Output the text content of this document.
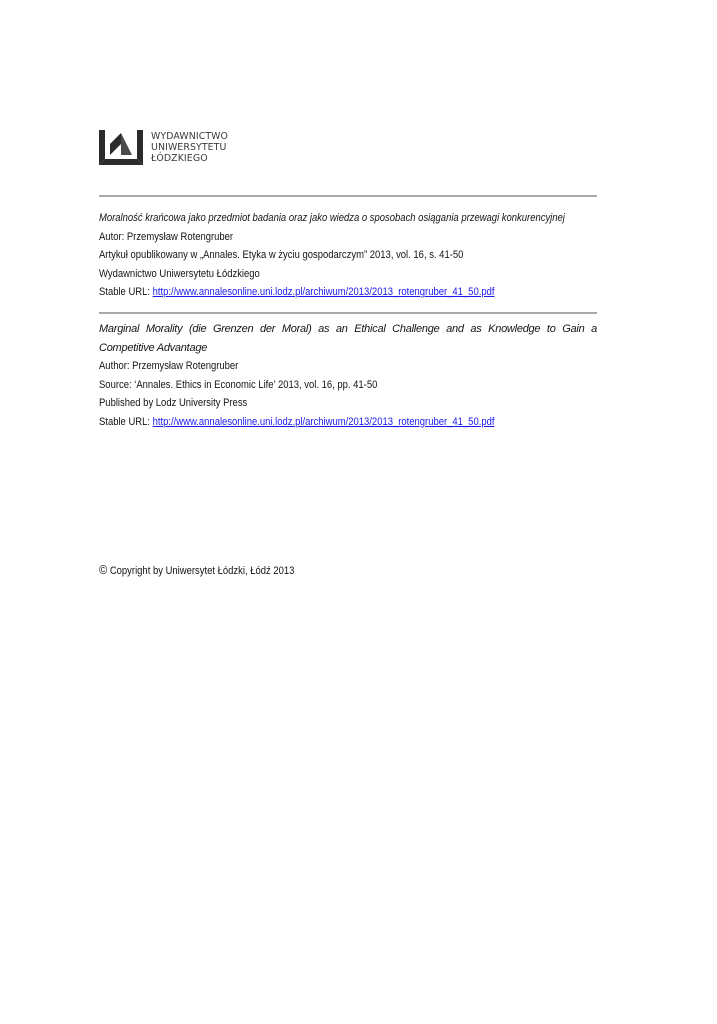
WYDAWNICTWO
UNIWERSYTETU
ŁÓDZKIEGO
Moralność krańcowa jako przedmiot badania oraz jako wiedza o sposobach osiągania przewagi konkurencyjnej
Autor: Przemysław Rotengruber
Artykuł opublikowany w „Annales. Etyka w życiu gospodarczym” 2013, vol. 16, s. 41-50
Wydawnictwo Uniwersytetu Łódzkiego
Stable URL: http://www.annalesonline.uni.lodz.pl/archiwum/2013/2013_rotengruber_41_50.pdf
Marginal Morality (die Grenzen der Moral) as an Ethical Challenge and as Knowledge to Gain a Competitive Advantage
Author: Przemysław Rotengruber
Source: ‘Annales. Ethics in Economic Life’ 2013, vol. 16, pp. 41-50
Published by Lodz University Press
Stable URL: http://www.annalesonline.uni.lodz.pl/archiwum/2013/2013_rotengruber_41_50.pdf
© Copyright by Uniwersytet Łódzki, Łódź 2013
